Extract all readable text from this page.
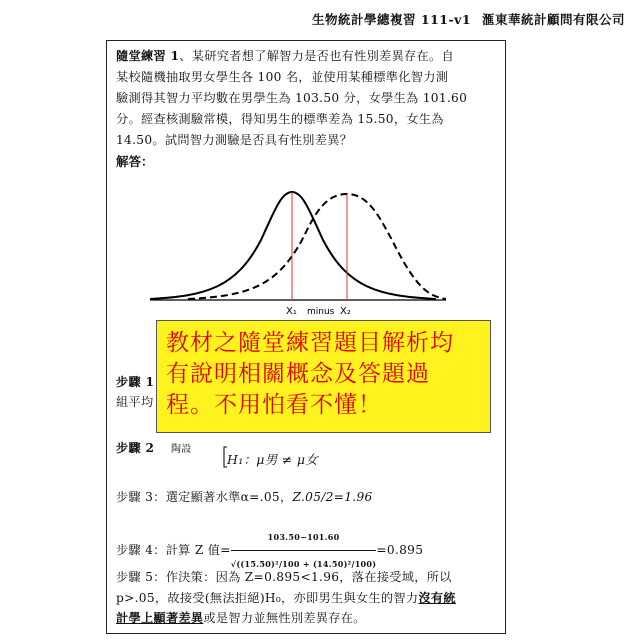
生物統計學總複習 111-v1 滙東華統計顧問有限公司
隨堂練習 1、某研究者想了解智力是否也有性別差異存在。自
某校隨機抽取男女學生各 100 名，並使用某種標準化智力測
驗測得其智力平均數在男學生為 103.50 分，女學生為 101.60
分。經查核測驗常模，得知男生的標準差為 15.50，女生為
14.50。試問智力測驗是否具有性別差異？
解答：
X₁ minus X₂
步驟 1
組平均
步驟 2 陶設
H₁：μ男 ≠ μ女
教材之隨堂練習題目解析均
有說明相關概念及答題過
程。不用怕看不懂！
步驟 3：選定顯著水準α=.05，Z.05/2=1.96
步驟 4：計算 Z 值= $\frac{103.50-101.60}{\text{√((15.50)²/100 + (14.50)²/100)}} =0.895$
步驟 5：作決策：因為 Z=0.895<1.96，落在接受域，所以
p>.05，故接受(無法拒絕)H₀，亦即男生與女生的智力沒有統
計學上顯著差異或是智力並無性別差異存在。
